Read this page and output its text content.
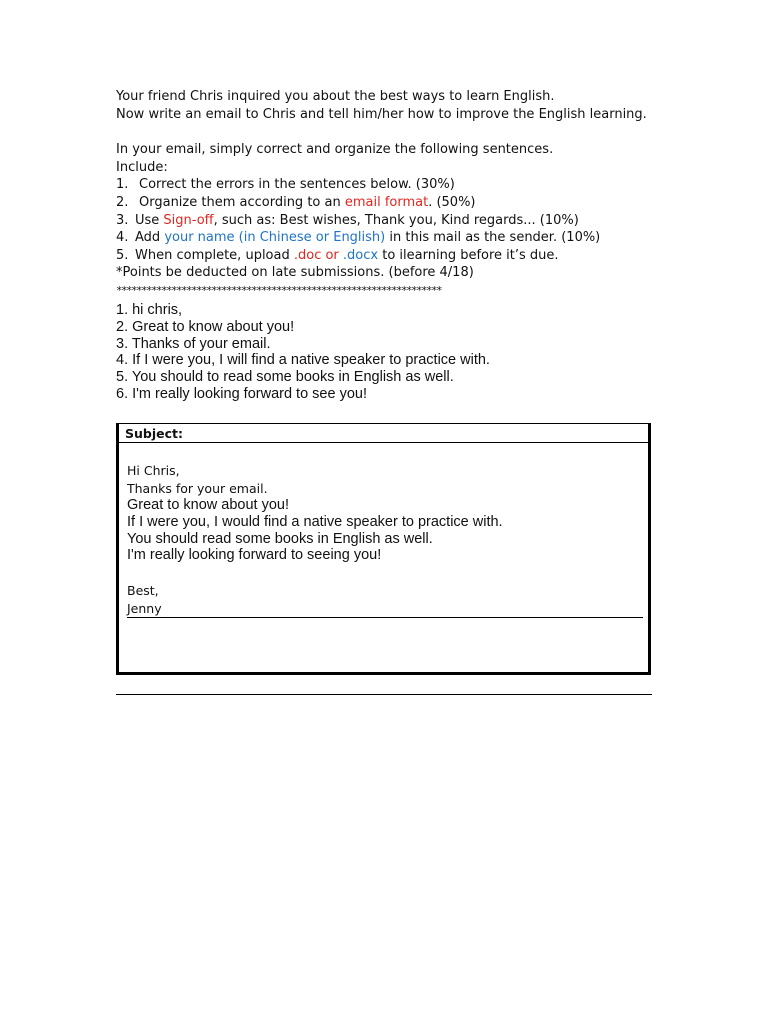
Your friend Chris inquired you about the best ways to learn English.

Now write an email to Chris and tell him/her how to improve the English learning.

In your email, simply correct and organize the following sentences.

Include:

1. Correct the errors in the sentences below. (30%)

2. Organize them according to an email format. (50%)

3. Use Sign-off, such as: Best wishes, Thank you, Kind regards... (10%)

4. Add your name (in Chinese or English) in this mail as the sender. (10%)

5. When complete, upload .doc or .docx to ilearning before it’s due.

*Points be deducted on late submissions. (before 4/18)

*****************************************************************

1. hi chris,

2. Great to know about you!

3. Thanks of your email.

4. If I were you, I will find a native speaker to practice with.

5. You should to read some books in English as well.

6. I'm really looking forward to see you!

Subject:

Hi Chris,

Thanks for your email.

Great to know about you!

If I were you, I would find a native speaker to practice with.

You should read some books in English as well.

I'm really looking forward to seeing you!

Best,

Jenny
